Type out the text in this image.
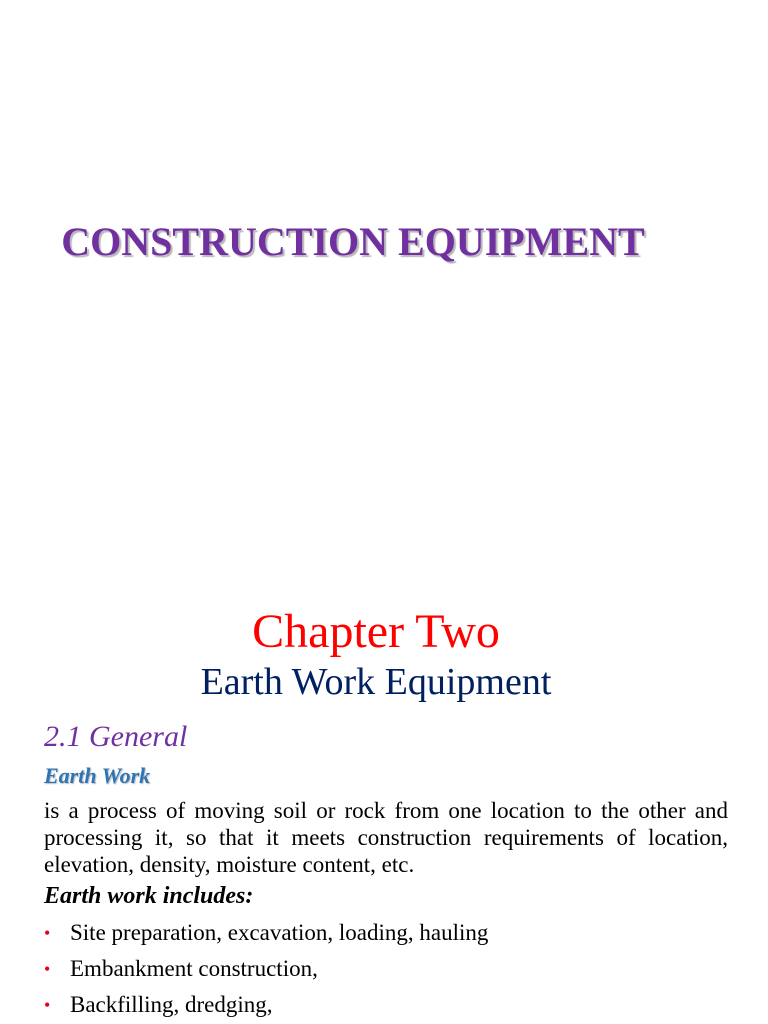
CONSTRUCTION EQUIPMENT
Chapter Two
Earth Work Equipment
2.1 General
Earth Work

is a process of moving soil or rock from one location to the other and processing it, so that it meets construction requirements of location, elevation, density, moisture content, etc.

Earth work includes:
• Site preparation, excavation, loading, hauling
• Embankment construction,
• Backfilling, dredging,
